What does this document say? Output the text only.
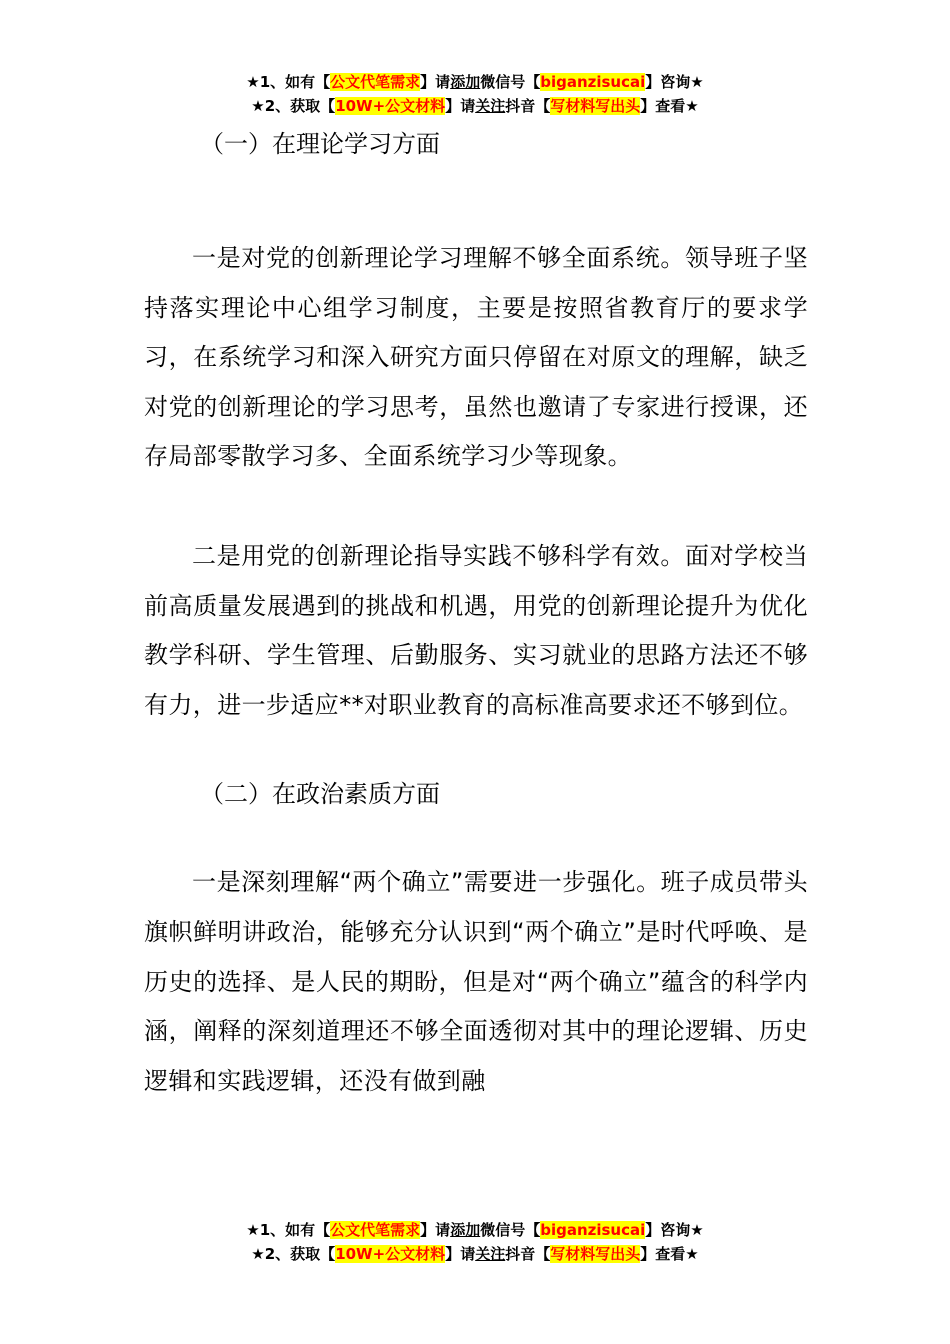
★1、如有【公文代笔需求】请添加微信号【biganzisucai】咨询★
★2、获取【10W+公文材料】请关注抖音【写材料写出头】查看★

（一）在理论学习方面

一是对党的创新理论学习理解不够全面系统。领导班子坚持落实理论中心组学习制度，主要是按照省教育厅的要求学习，在系统学习和深入研究方面只停留在对原文的理解，缺乏对党的创新理论的学习思考，虽然也邀请了专家进行授课，还存局部零散学习多、全面系统学习少等现象。

二是用党的创新理论指导实践不够科学有效。面对学校当前高质量发展遇到的挑战和机遇，用党的创新理论提升为优化教学科研、学生管理、后勤服务、实习就业的思路方法还不够有力，进一步适应**对职业教育的高标准高要求还不够到位。

（二）在政治素质方面

一是深刻理解“两个确立”需要进一步强化。班子成员带头旗帜鲜明讲政治，能够充分认识到“两个确立”是时代呼唤、是历史的选择、是人民的期盼，但是对“两个确立”蕴含的科学内涵，阐释的深刻道理还不够全面透彻对其中的理论逻辑、历史逻辑和实践逻辑，还没有做到融

★1、如有【公文代笔需求】请添加微信号【biganzisucai】咨询★
★2、获取【10W+公文材料】请关注抖音【写材料写出头】查看★
